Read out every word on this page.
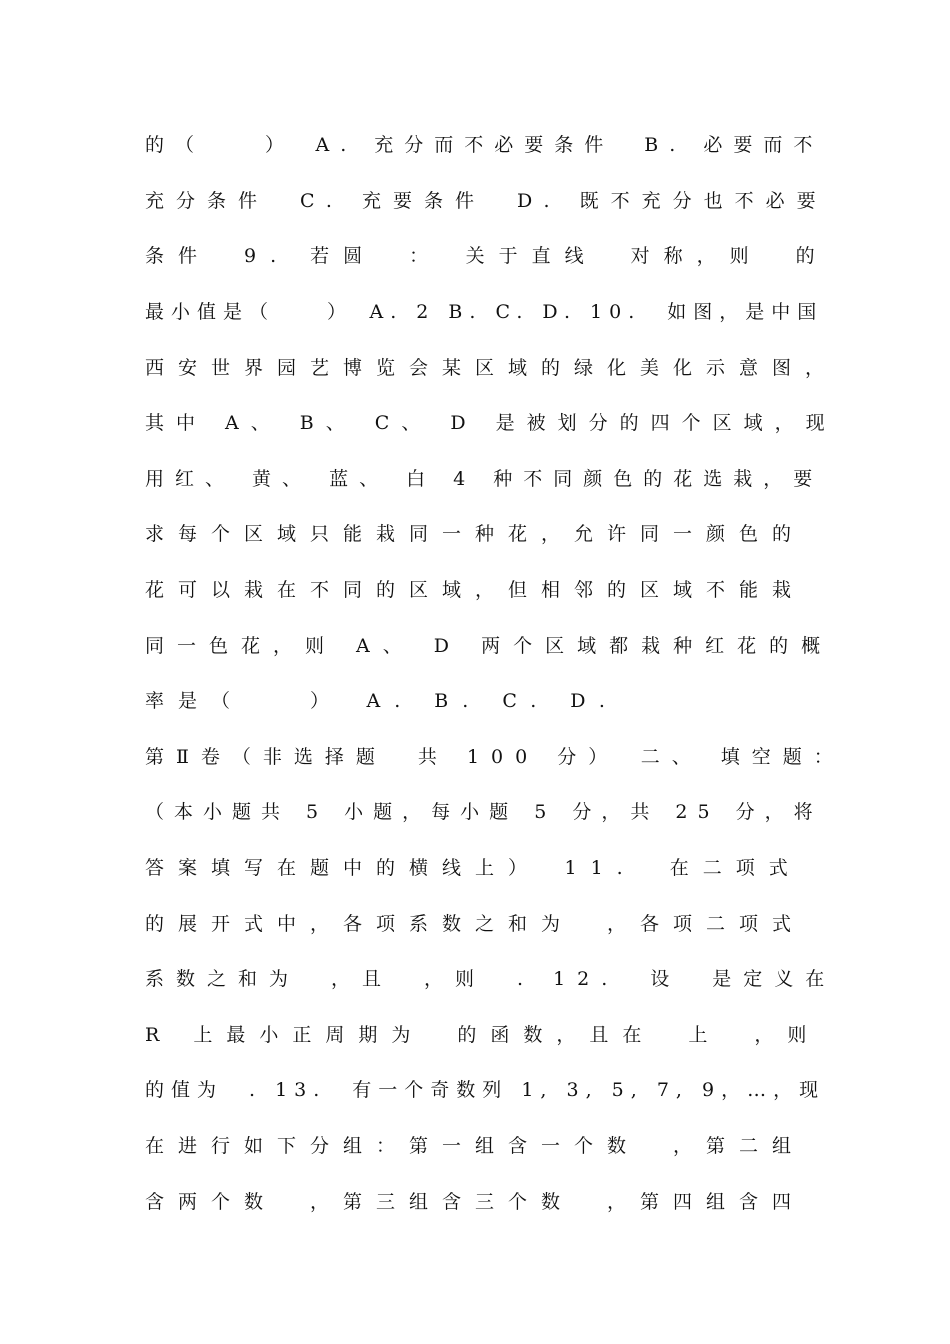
的（　　）　A. 充分而不必要条件　B. 必要而不
充分条件　C. 充要条件　D. 既不充分也不必要
条件　9. 若圆　：　关于直线　对称，则　的
最小值是（　　）　A. 2 B. C. D. 10.　如图，是中国
西安世界园艺博览会某区域的绿化美化示意图，
其中 A、 B、 C、 D 是被划分的四个区域，现
用红、 黄、 蓝、 白 4 种不同颜色的花选栽，要
求每个区域只能栽同一种花，允许同一颜色的
花可以栽在不同的区域，但相邻的区域不能栽
同一色花，则 A、 D 两个区域都栽种红花的概
率是（　　）　A. B. C. D.
第Ⅱ卷（非选择题　共 100 分）　二、 填空题：
（本小题共 5 小题，每小题 5 分，共 25 分，将
答案填写在题中的横线上）　11.　在二项式
的展开式中，各项系数之和为　，各项二项式
系数之和为　，且　，则　. 12.　设　是定义在
R 上最小正周期为　的函数，且在　上　，则
的值为　. 13.　有一个奇数列 1, 3, 5, 7, 9，…，现
在进行如下分组：第一组含一个数　，第二组
含两个数　，第三组含三个数　，第四组含四
